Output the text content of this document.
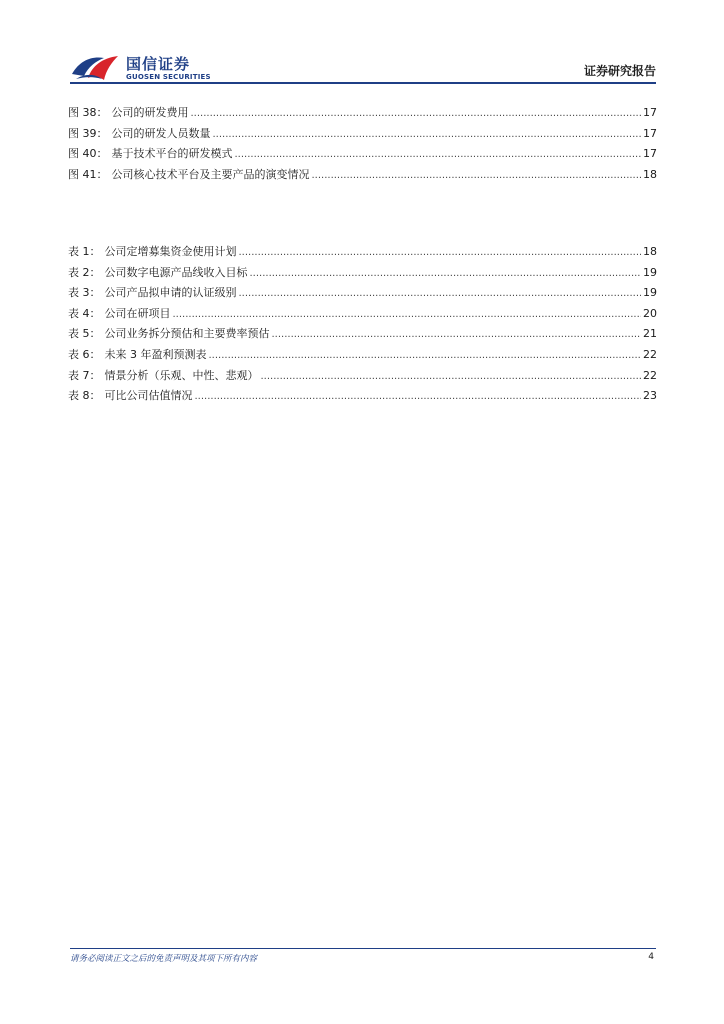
国信证券
GUOSEN SECURITIES	证券研究报告
图 38： 公司的研发费用 .....	17
图 39： 公司的研发人员数量 .....	17
图 40： 基于技术平台的研发模式 .....	17
图 41： 公司核心技术平台及主要产品的演变情况 .....	18
表 1： 公司定增募集资金使用计划 .....	18
表 2： 公司数字电源产品线收入目标 .....	19
表 3： 公司产品拟申请的认证级别 .....	19
表 4： 公司在研项目 .....	20
表 5： 公司业务拆分预估和主要费率预估 .....	21
表 6： 未来 3 年盈利预测表 .....	22
表 7： 情景分析（乐观、中性、悲观） .....	22
表 8： 可比公司估值情况 .....	23
请务必阅读正文之后的免责声明及其项下所有内容	4
